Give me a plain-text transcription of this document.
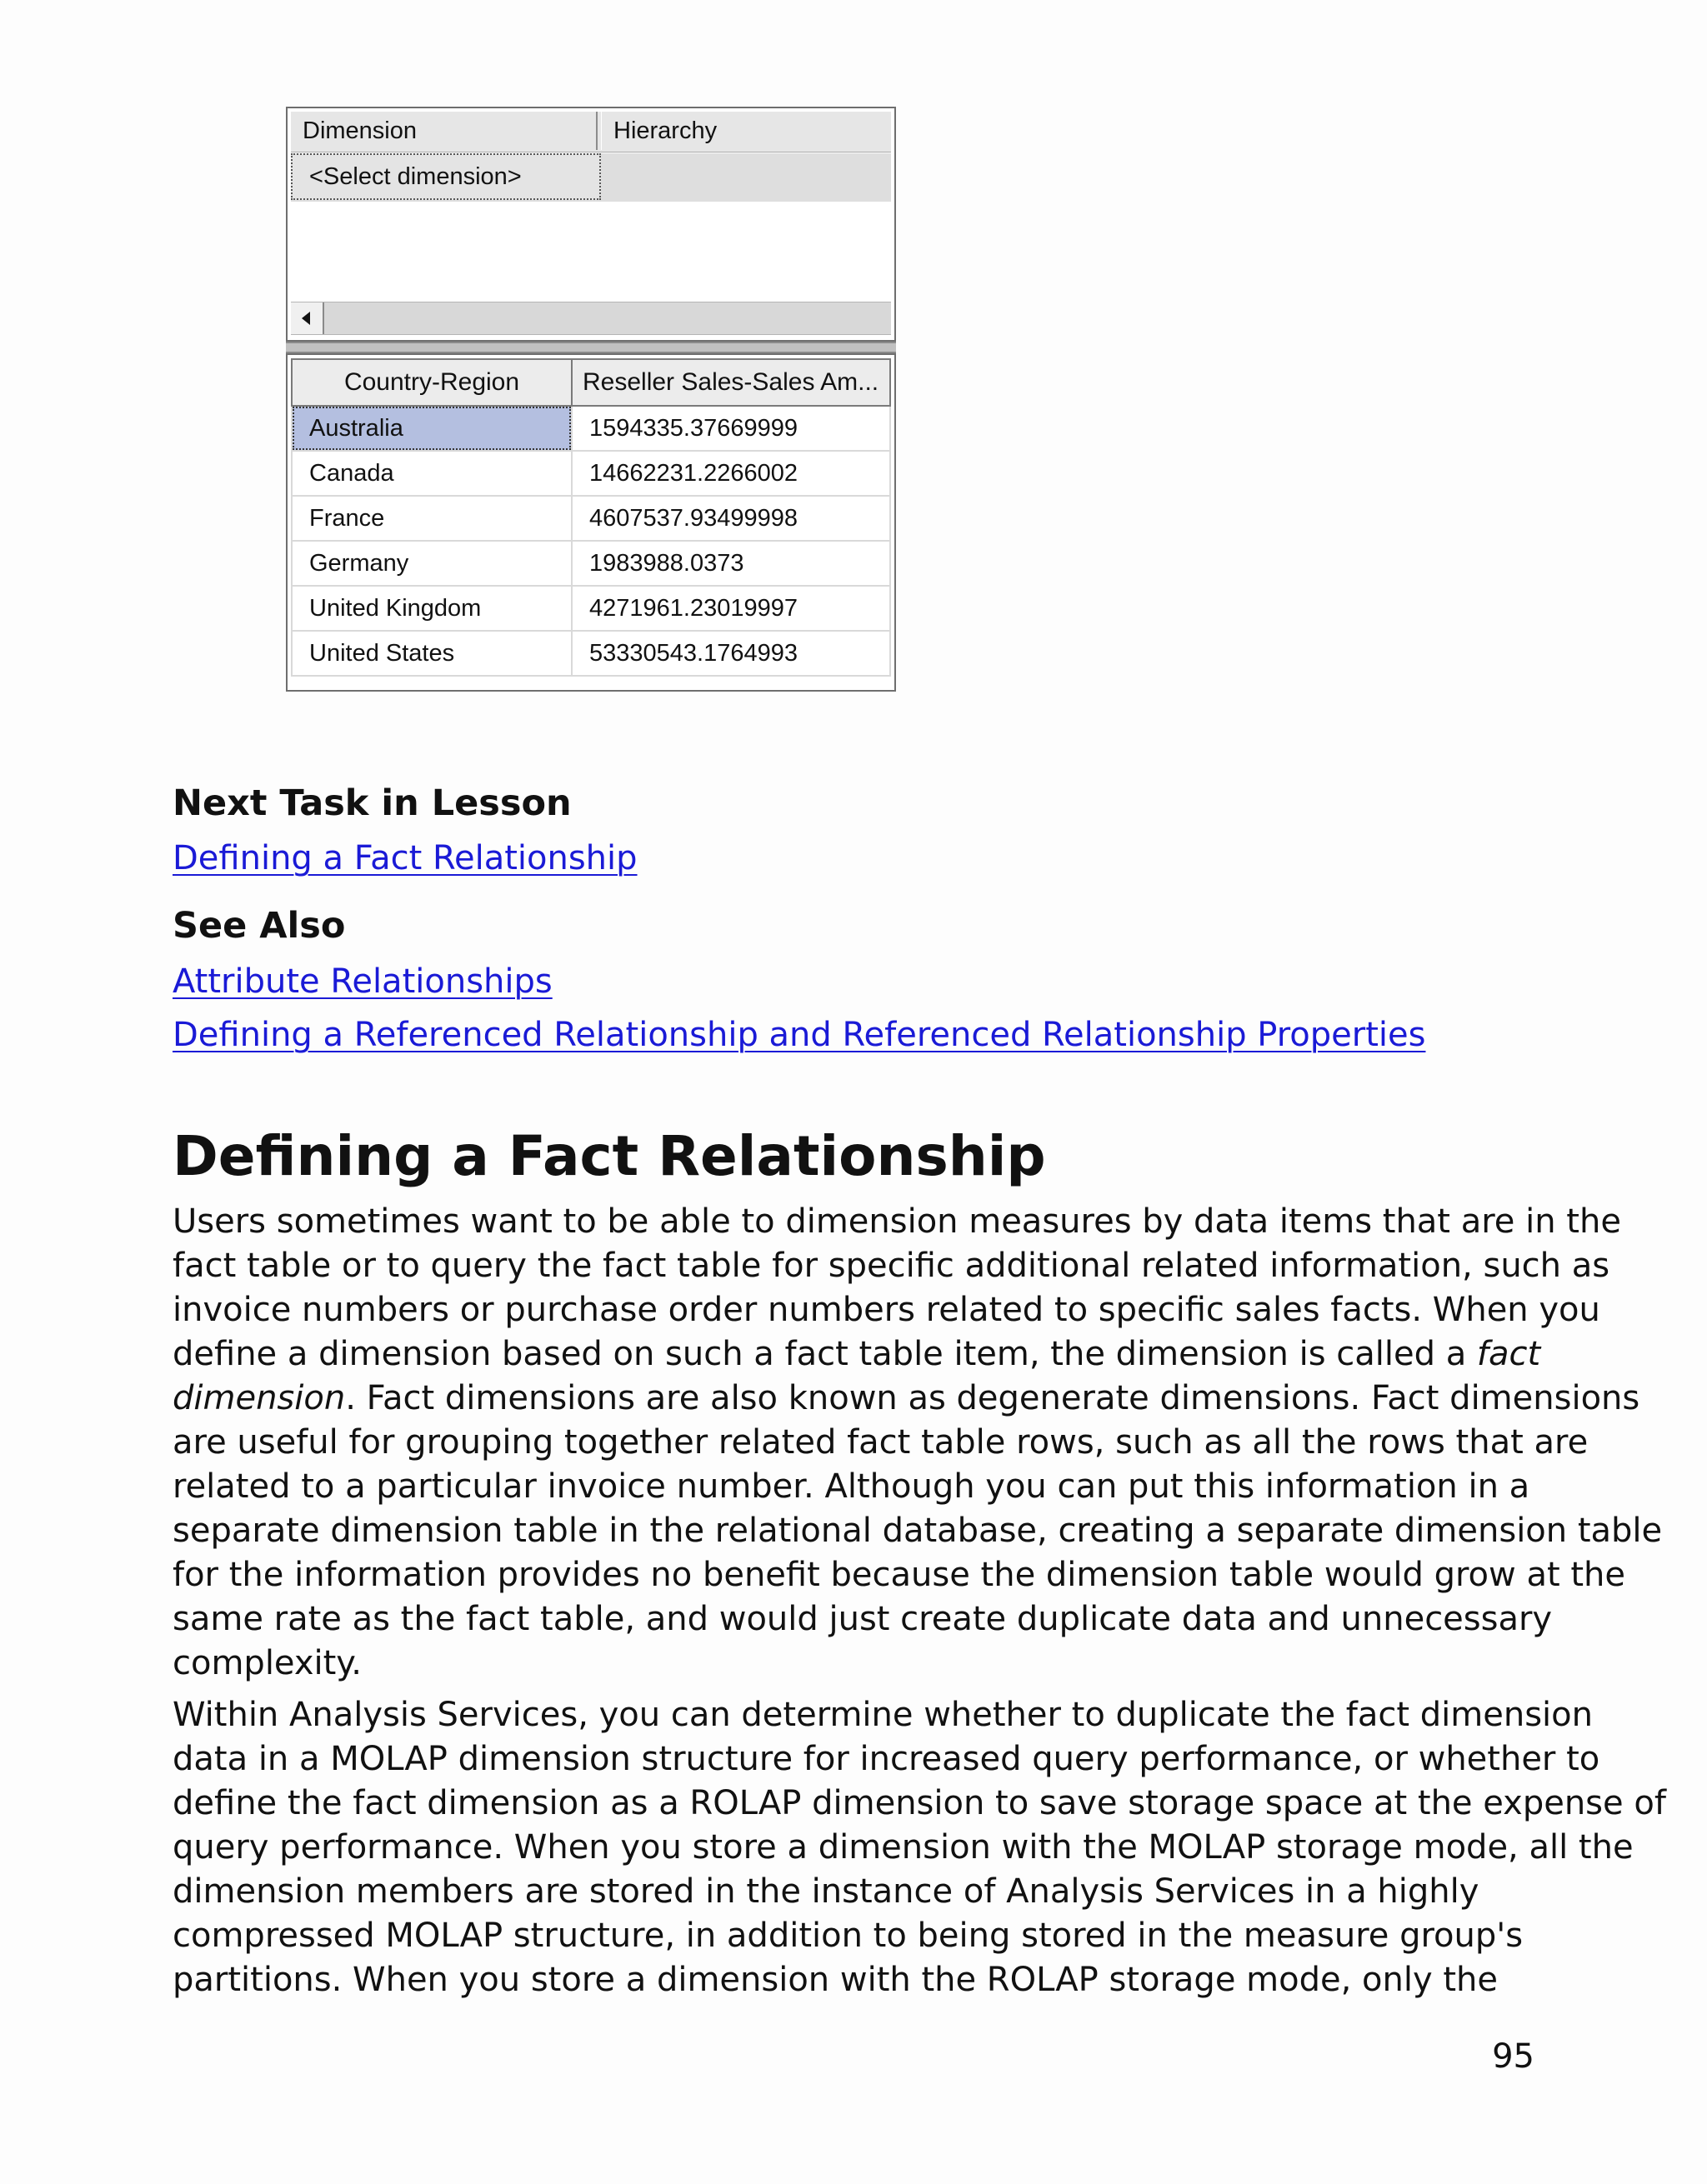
Dimension	Hierarchy
<Select dimension>
Country-Region	Reseller Sales-Sales Am...
Australia	1594335.37669999
Canada	14662231.2266002
France	4607537.93499998
Germany	1983988.0373
United Kingdom	4271961.23019997
United States	53330543.1764993
Next Task in Lesson
Defining a Fact Relationship
See Also
Attribute Relationships
Defining a Referenced Relationship and Referenced Relationship Properties
Defining a Fact Relationship
Users sometimes want to be able to dimension measures by data items that are in the
fact table or to query the fact table for specific additional related information, such as
invoice numbers or purchase order numbers related to specific sales facts. When you
define a dimension based on such a fact table item, the dimension is called a fact
dimension. Fact dimensions are also known as degenerate dimensions. Fact dimensions
are useful for grouping together related fact table rows, such as all the rows that are
related to a particular invoice number. Although you can put this information in a
separate dimension table in the relational database, creating a separate dimension table
for the information provides no benefit because the dimension table would grow at the
same rate as the fact table, and would just create duplicate data and unnecessary
complexity.
Within Analysis Services, you can determine whether to duplicate the fact dimension
data in a MOLAP dimension structure for increased query performance, or whether to
define the fact dimension as a ROLAP dimension to save storage space at the expense of
query performance. When you store a dimension with the MOLAP storage mode, all the
dimension members are stored in the instance of Analysis Services in a highly
compressed MOLAP structure, in addition to being stored in the measure group's
partitions. When you store a dimension with the ROLAP storage mode, only the
95
